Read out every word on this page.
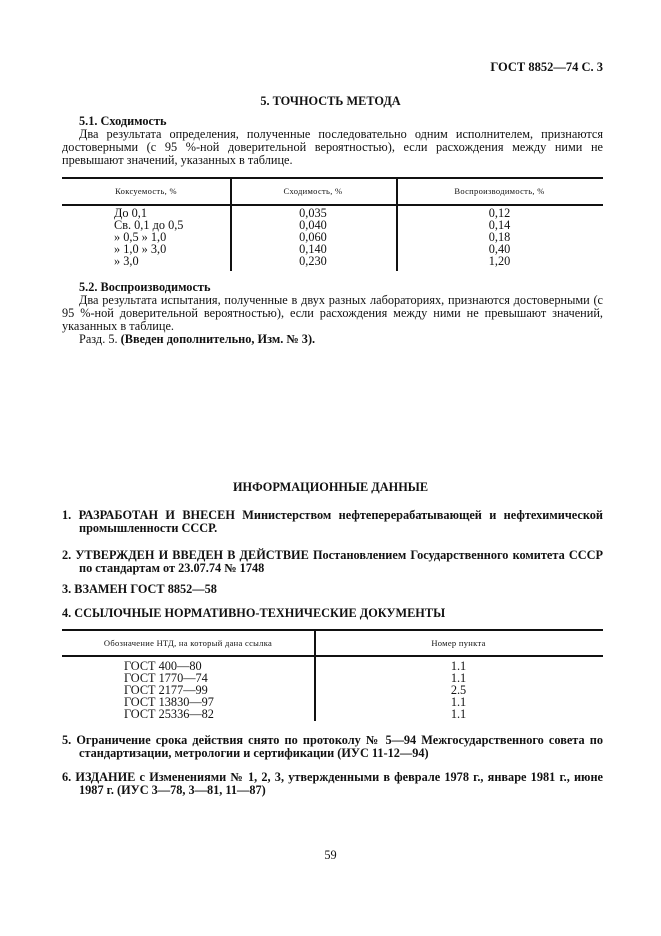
ГОСТ 8852—74 С. 3
5. ТОЧНОСТЬ МЕТОДА
5.1. Сходимость
Два результата определения, полученные последовательно одним исполнителем, признаются достоверными (с 95 %-ной доверительной вероятностью), если расхождения между ними не превышают значений, указанных в таблице.
Коксуемость, %	Сходимость, %	Воспроизводимость, %
До 0,1	0,035	0,12
Св. 0,1 до 0,5	0,040	0,14
» 0,5 » 1,0	0,060	0,18
» 1,0 » 3,0	0,140	0,40
» 3,0	0,230	1,20
5.2. Воспроизводимость
Два результата испытания, полученные в двух разных лабораториях, признаются достоверными (с 95 %-ной доверительной вероятностью), если расхождения между ними не превышают значений, указанных в таблице.
Разд. 5. (Введен дополнительно, Изм. № 3).
ИНФОРМАЦИОННЫЕ ДАННЫЕ
1. РАЗРАБОТАН И ВНЕСЕН Министерством нефтеперерабатывающей и нефтехимической промышленности СССР.
2. УТВЕРЖДЕН И ВВЕДЕН В ДЕЙСТВИЕ Постановлением Государственного комитета СССР по стандартам от 23.07.74 № 1748
3. ВЗАМЕН ГОСТ 8852—58
4. ССЫЛОЧНЫЕ НОРМАТИВНО-ТЕХНИЧЕСКИЕ ДОКУМЕНТЫ
Обозначение НТД, на который дана ссылка	Номер пункта
ГОСТ 400—80	1.1
ГОСТ 1770—74	1.1
ГОСТ 2177—99	2.5
ГОСТ 13830—97	1.1
ГОСТ 25336—82	1.1
5. Ограничение срока действия снято по протоколу № 5—94 Межгосударственного совета по стандартизации, метрологии и сертификации (ИУС 11-12—94)
6. ИЗДАНИЕ с Изменениями № 1, 2, 3, утвержденными в феврале 1978 г., январе 1981 г., июне 1987 г. (ИУС 3—78, 3—81, 11—87)
59
